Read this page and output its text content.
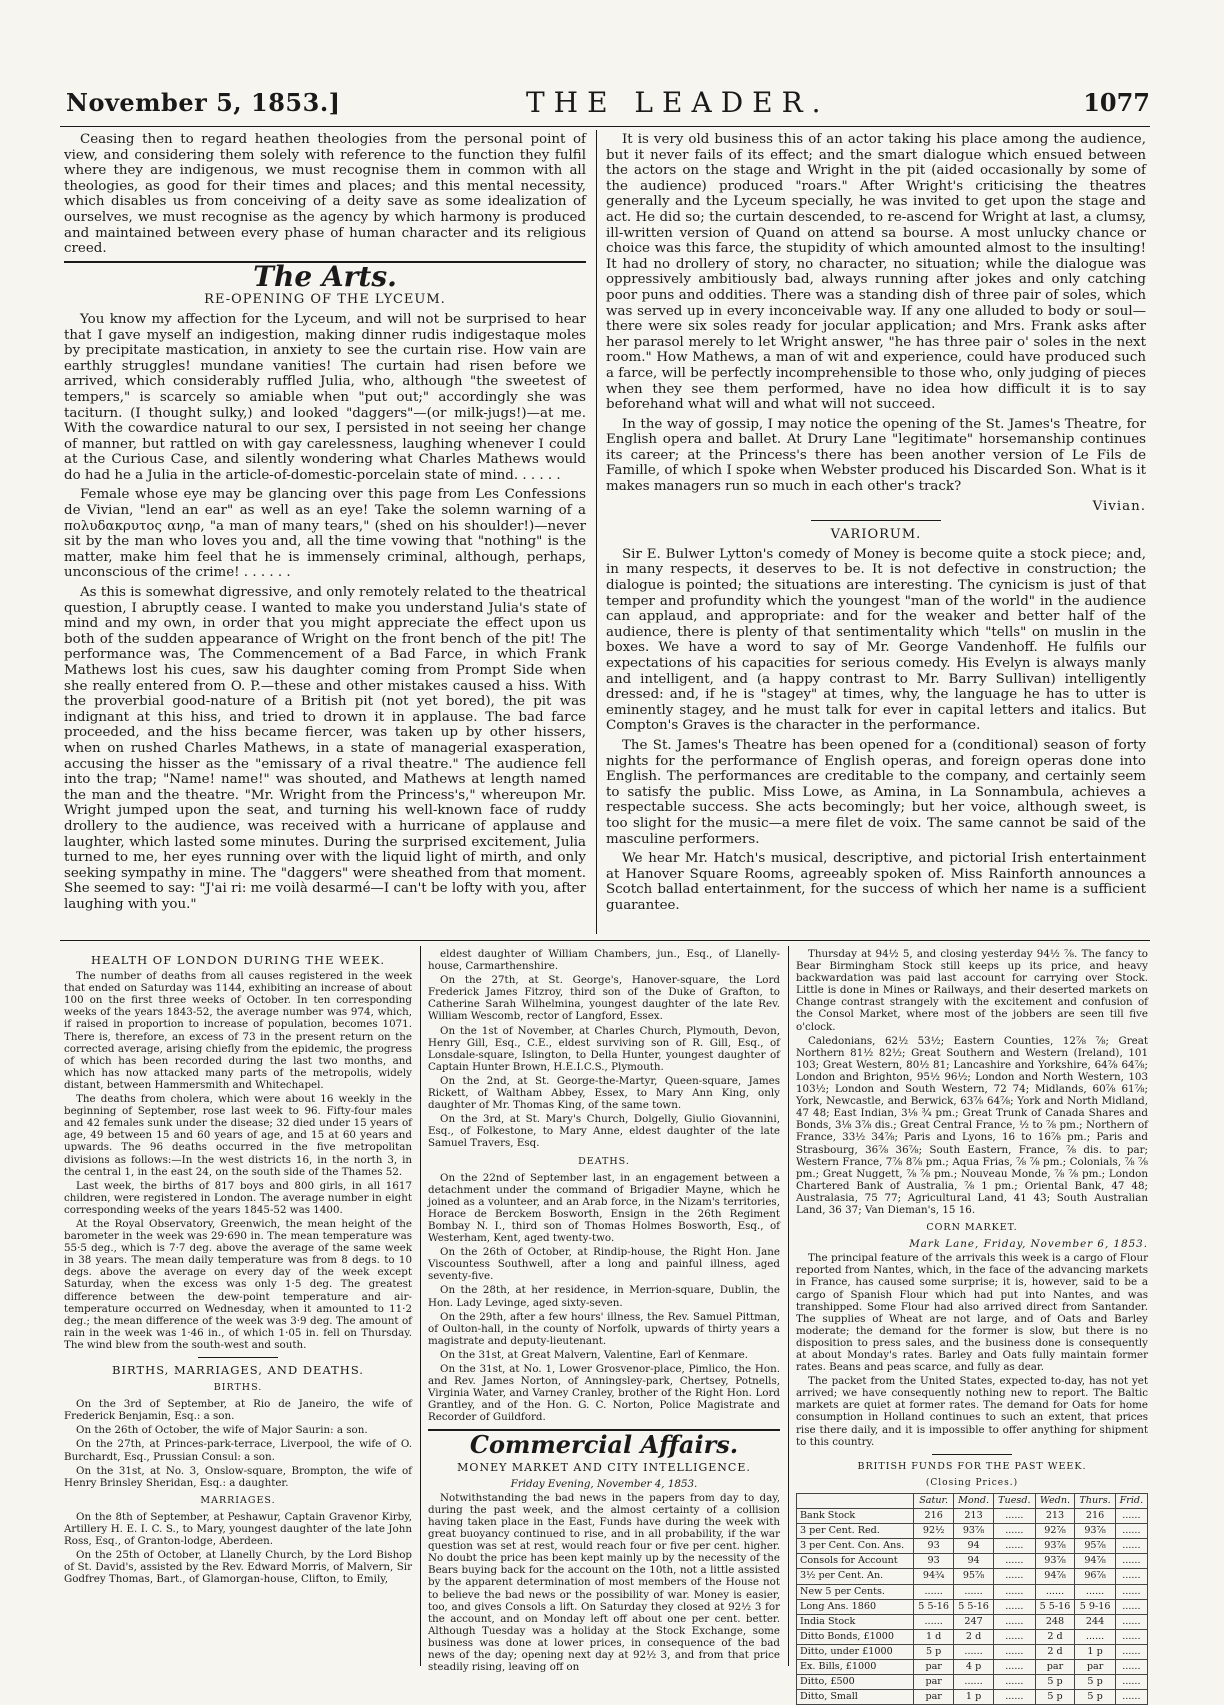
November 5, 1853.]	THE LEADER.	1077

Ceasing then to regard heathen theologies from the personal point of view, and considering them solely with reference to the function they fulfil where they are indigenous, we must recognise them in common with all theologies, as good for their times and places; and this mental necessity, which disables us from conceiving of a deity save as some idealization of ourselves, we must recognise as the agency by which harmony is produced and maintained between every phase of human character and its religious creed.

The Arts.
RE-OPENING OF THE LYCEUM.

You know my affection for the Lyceum, and will not be surprised to hear that I gave myself an indigestion, making dinner rudis indigestaque moles by precipitate mastication, in anxiety to see the curtain rise. How vain are earthly struggles! mundane vanities! The curtain had risen before we arrived, which considerably ruffled Julia, who, although "the sweetest of tempers," is scarcely so amiable when "put out;" accordingly she was taciturn. (I thought sulky,) and looked "daggers"—(or milk-jugs!)—at me. With the cowardice natural to our sex, I persisted in not seeing her change of manner, but rattled on with gay carelessness, laughing whenever I could at the Curious Case, and silently wondering what Charles Mathews would do had he a Julia in the article-of-domestic-porcelain state of mind. . . . . .

Female whose eye may be glancing over this page from Les Confessions de Vivian, "lend an ear" as well as an eye! Take the solemn warning of a πολυδακρυτος ανηρ, "a man of many tears," (shed on his shoulder!)—never sit by the man who loves you and, all the time vowing that "nothing" is the matter, make him feel that he is immensely criminal, although, perhaps, unconscious of the crime! . . . . . .

As this is somewhat digressive, and only remotely related to the theatrical question, I abruptly cease. I wanted to make you understand Julia's state of mind and my own, in order that you might appreciate the effect upon us both of the sudden appearance of Wright on the front bench of the pit! The performance was, The Commencement of a Bad Farce, in which Frank Mathews lost his cues, saw his daughter coming from Prompt Side when she really entered from O. P.—these and other mistakes caused a hiss. With the proverbial good-nature of a British pit (not yet bored), the pit was indignant at this hiss, and tried to drown it in applause. The bad farce proceeded, and the hiss became fiercer, was taken up by other hissers, when on rushed Charles Mathews, in a state of managerial exasperation, accusing the hisser as the "emissary of a rival theatre." The audience fell into the trap; "Name! name!" was shouted, and Mathews at length named the man and the theatre. "Mr. Wright from the Princess's," whereupon Mr. Wright jumped upon the seat, and turning his well-known face of ruddy drollery to the audience, was received with a hurricane of applause and laughter, which lasted some minutes. During the surprised excitement, Julia turned to me, her eyes running over with the liquid light of mirth, and only seeking sympathy in mine. The "daggers" were sheathed from that moment. She seemed to say: "J'ai ri: me voilà desarmé—I can't be lofty with you, after laughing with you."

It is very old business this of an actor taking his place among the audience, but it never fails of its effect; and the smart dialogue which ensued between the actors on the stage and Wright in the pit (aided occasionally by some of the audience) produced "roars." After Wright's criticising the theatres generally and the Lyceum specially, he was invited to get upon the stage and act. He did so; the curtain descended, to re-ascend for Wright at last, a clumsy, ill-written version of Quand on attend sa bourse. A most unlucky chance or choice was this farce, the stupidity of which amounted almost to the insulting! It had no drollery of story, no character, no situation; while the dialogue was oppressively ambitiously bad, always running after jokes and only catching poor puns and oddities. There was a standing dish of three pair of soles, which was served up in every inconceivable way. If any one alluded to body or soul—there were six soles ready for jocular application; and Mrs. Frank asks after her parasol merely to let Wright answer, "he has three pair o' soles in the next room." How Mathews, a man of wit and experience, could have produced such a farce, will be perfectly incomprehensible to those who, only judging of pieces when they see them performed, have no idea how difficult it is to say beforehand what will and what will not succeed.

In the way of gossip, I may notice the opening of the St. James's Theatre, for English opera and ballet. At Drury Lane "legitimate" horsemanship continues its career; at the Princess's there has been another version of Le Fils de Famille, of which I spoke when Webster produced his Discarded Son. What is it makes managers run so much in each other's track?

Vivian.

VARIORUM.

Sir E. Bulwer Lytton's comedy of Money is become quite a stock piece; and, in many respects, it deserves to be. It is not defective in construction; the dialogue is pointed; the situations are interesting. The cynicism is just of that temper and profundity which the youngest "man of the world" in the audience can applaud, and appropriate: and for the weaker and better half of the audience, there is plenty of that sentimentality which "tells" on muslin in the boxes. We have a word to say of Mr. George Vandenhoff. He fulfils our expectations of his capacities for serious comedy. His Evelyn is always manly and intelligent, and (a happy contrast to Mr. Barry Sullivan) intelligently dressed: and, if he is "stagey" at times, why, the language he has to utter is eminently stagey, and he must talk for ever in capital letters and italics. But Compton's Graves is the character in the performance.

The St. James's Theatre has been opened for a (conditional) season of forty nights for the performance of English operas, and foreign operas done into English. The performances are creditable to the company, and certainly seem to satisfy the public. Miss Lowe, as Amina, in La Sonnambula, achieves a respectable success. She acts becomingly; but her voice, although sweet, is too slight for the music—a mere filet de voix. The same cannot be said of the masculine performers.

We hear Mr. Hatch's musical, descriptive, and pictorial Irish entertainment at Hanover Square Rooms, agreeably spoken of. Miss Rainforth announces a Scotch ballad entertainment, for the success of which her name is a sufficient guarantee.

HEALTH OF LONDON DURING THE WEEK.

The number of deaths from all causes registered in the week that ended on Saturday was 1144, exhibiting an increase of about 100 on the first three weeks of October. In ten corresponding weeks of the years 1843-52, the average number was 974, which, if raised in proportion to increase of population, becomes 1071. There is, therefore, an excess of 73 in the present return on the corrected average, arising chiefly from the epidemic, the progress of which has been recorded during the last two months, and which has now attacked many parts of the metropolis, widely distant, between Hammersmith and Whitechapel.

The deaths from cholera, which were about 16 weekly in the beginning of September, rose last week to 96. Fifty-four males and 42 females sunk under the disease; 32 died under 15 years of age, 49 between 15 and 60 years of age, and 15 at 60 years and upwards. The 96 deaths occurred in the five metropolitan divisions as follows:—In the west districts 16, in the north 3, in the central 1, in the east 24, on the south side of the Thames 52.

Last week, the births of 817 boys and 800 girls, in all 1617 children, were registered in London. The average number in eight corresponding weeks of the years 1845-52 was 1400.

At the Royal Observatory, Greenwich, the mean height of the barometer in the week was 29·690 in. The mean temperature was 55·5 deg., which is 7·7 deg. above the average of the same week in 38 years. The mean daily temperature was from 8 degs. to 10 degs. above the average on every day of the week except Saturday, when the excess was only 1·5 deg. The greatest difference between the dew-point temperature and air-temperature occurred on Wednesday, when it amounted to 11·2 deg.; the mean difference of the week was 3·9 deg. The amount of rain in the week was 1·46 in., of which 1·05 in. fell on Thursday. The wind blew from the south-west and south.

BIRTHS, MARRIAGES, AND DEATHS.
BIRTHS.

On the 3rd of September, at Rio de Janeiro, the wife of Frederick Benjamin, Esq.: a son.

On the 26th of October, the wife of Major Saurin: a son.

On the 27th, at Princes-park-terrace, Liverpool, the wife of O. Burchardt, Esq., Prussian Consul: a son.

On the 31st, at No. 3, Onslow-square, Brompton, the wife of Henry Brinsley Sheridan, Esq.: a daughter.

MARRIAGES.

On the 8th of September, at Peshawur, Captain Gravenor Kirby, Artillery H. E. I. C. S., to Mary, youngest daughter of the late John Ross, Esq., of Granton-lodge, Aberdeen.

On the 25th of October, at Llanelly Church, by the Lord Bishop of St. David's, assisted by the Rev. Edward Morris, of Malvern, Sir Godfrey Thomas, Bart., of Glamorgan-house, Clifton, to Emily,

eldest daughter of William Chambers, jun., Esq., of Llanelly-house, Carmarthenshire.

On the 27th, at St. George's, Hanover-square, the Lord Frederick James Fitzroy, third son of the Duke of Grafton, to Catherine Sarah Wilhelmina, youngest daughter of the late Rev. William Wescomb, rector of Langford, Essex.

On the 1st of November, at Charles Church, Plymouth, Devon, Henry Gill, Esq., C.E., eldest surviving son of R. Gill, Esq., of Lonsdale-square, Islington, to Della Hunter, youngest daughter of Captain Hunter Brown, H.E.I.C.S., Plymouth.

On the 2nd, at St. George-the-Martyr, Queen-square, James Rickett, of Waltham Abbey, Essex, to Mary Ann King, only daughter of Mr. Thomas King, of the same town.

On the 3rd, at St. Mary's Church, Dolgelly, Giulio Giovannini, Esq., of Folkestone, to Mary Anne, eldest daughter of the late Samuel Travers, Esq.

DEATHS.

On the 22nd of September last, in an engagement between a detachment under the command of Brigadier Mayne, which he joined as a volunteer, and an Arab force, in the Nizam's territories, Horace de Berckem Bosworth, Ensign in the 26th Regiment Bombay N. I., third son of Thomas Holmes Bosworth, Esq., of Westerham, Kent, aged twenty-two.

On the 26th of October, at Rindip-house, the Right Hon. Jane Viscountess Southwell, after a long and painful illness, aged seventy-five.

On the 28th, at her residence, in Merrion-square, Dublin, the Hon. Lady Levinge, aged sixty-seven.

On the 29th, after a few hours' illness, the Rev. Samuel Pittman, of Oulton-hall, in the county of Norfolk, upwards of thirty years a magistrate and deputy-lieutenant.

On the 31st, at Great Malvern, Valentine, Earl of Kenmare.

On the 31st, at No. 1, Lower Grosvenor-place, Pimlico, the Hon. and Rev. James Norton, of Anningsley-park, Chertsey, Potnells, Virginia Water, and Varney Cranley, brother of the Right Hon. Lord Grantley, and of the Hon. G. C. Norton, Police Magistrate and Recorder of Guildford.

Commercial Affairs.
MONEY MARKET AND CITY INTELLIGENCE.

Friday Evening, November 4, 1853.

Notwithstanding the bad news in the papers from day to day, during the past week, and the almost certainty of a collision having taken place in the East, Funds have during the week with great buoyancy continued to rise, and in all probability, if the war question was set at rest, would reach four or five per cent. higher. No doubt the price has been kept mainly up by the necessity of the Bears buying back for the account on the 10th, not a little assisted by the apparent determination of most members of the House not to believe the bad news or the possibility of war. Money is easier, too, and gives Consols a lift. On Saturday they closed at 92½ 3 for the account, and on Monday left off about one per cent. better. Although Tuesday was a holiday at the Stock Exchange, some business was done at lower prices, in consequence of the bad news of the day; opening next day at 92½ 3, and from that price steadily rising, leaving off on

Thursday at 94½ 5, and closing yesterday 94½ ⅞. The fancy to Bear Birmingham Stock still keeps up its price, and heavy backwardation was paid last account for carrying over Stock. Little is done in Mines or Railways, and their deserted markets on Change contrast strangely with the excitement and confusion of the Consol Market, where most of the jobbers are seen till five o'clock.

Caledonians, 62½ 53½; Eastern Counties, 12⅞ ⅞; Great Northern 81½ 82½; Great Southern and Western (Ireland), 101 103; Great Western, 80½ 81; Lancashire and Yorkshire, 64⅞ 64⅞; London and Brighton, 95½ 96½; London and North Western, 103 103½; London and South Western, 72 74; Midlands, 60⅞ 61⅞; York, Newcastle, and Berwick, 63⅞ 64⅞; York and North Midland, 47 48; East Indian, 3⅛ ¾ pm.; Great Trunk of Canada Shares and Bonds, 3⅛ 3⅞ dis.; Great Central France, ½ to ⅞ pm.; Northern of France, 33½ 34⅞; Paris and Lyons, 16 to 16⅞ pm.; Paris and Strasbourg, 36⅞ 36⅞; South Eastern, France, ⅞ dis. to par; Western France, 7⅞ 8⅞ pm.; Aqua Frias, ⅞ ⅞ pm.; Colonials, ⅞ ⅞ pm.; Great Nuggett, ⅞ ⅞ pm.; Nouveau Monde, ⅞ ⅞ pm.; London Chartered Bank of Australia, ⅞ 1 pm.; Oriental Bank, 47 48; Australasia, 75 77; Agricultural Land, 41 43; South Australian Land, 36 37; Van Dieman's, 15 16.

CORN MARKET.

Mark Lane, Friday, November 6, 1853.

The principal feature of the arrivals this week is a cargo of Flour reported from Nantes, which, in the face of the advancing markets in France, has caused some surprise; it is, however, said to be a cargo of Spanish Flour which had put into Nantes, and was transhipped. Some Flour had also arrived direct from Santander. The supplies of Wheat are not large, and of Oats and Barley moderate; the demand for the former is slow, but there is no disposition to press sales, and the business done is consequently at about Monday's rates. Barley and Oats fully maintain former rates. Beans and peas scarce, and fully as dear.

The packet from the United States, expected to-day, has not yet arrived; we have consequently nothing new to report. The Baltic markets are quiet at former rates. The demand for Oats for home consumption in Holland continues to such an extent, that prices rise there daily, and it is impossible to offer anything for shipment to this country.

BRITISH FUNDS FOR THE PAST WEEK.
(Closing Prices.)
	Satur.	Mond.	Tuesd.	Wedn.	Thurs.	Frid.
Bank Stock	216	213	......	213	216	......
3 per Cent. Red.	92½	93⅞	......	92⅞	93⅞	......
3 per Cent. Con. Ans.	93	94	......	93⅞	95⅞	......
Consols for Account	93	94	......	93⅞	94⅞	......
3½ per Cent. An.	94¾	95⅞	......	94⅞	96⅞	......
New 5 per Cents.	......	......	......	......	......	......
Long Ans. 1860	5 5-16	5 5-16	......	5 5-16	5 9-16	......
India Stock	......	247	......	248	244	......
Ditto Bonds, £1000	1 d	2 d	......	2 d	......	......
Ditto, under £1000	5 p	......	......	2 d	1 p	......
Ex. Bills, £1000	par	4 p	......	par	par	......
Ditto, £500	par	......	......	5 p	5 p	......
Ditto, Small	par	1 p	......	5 p	5 p	......
